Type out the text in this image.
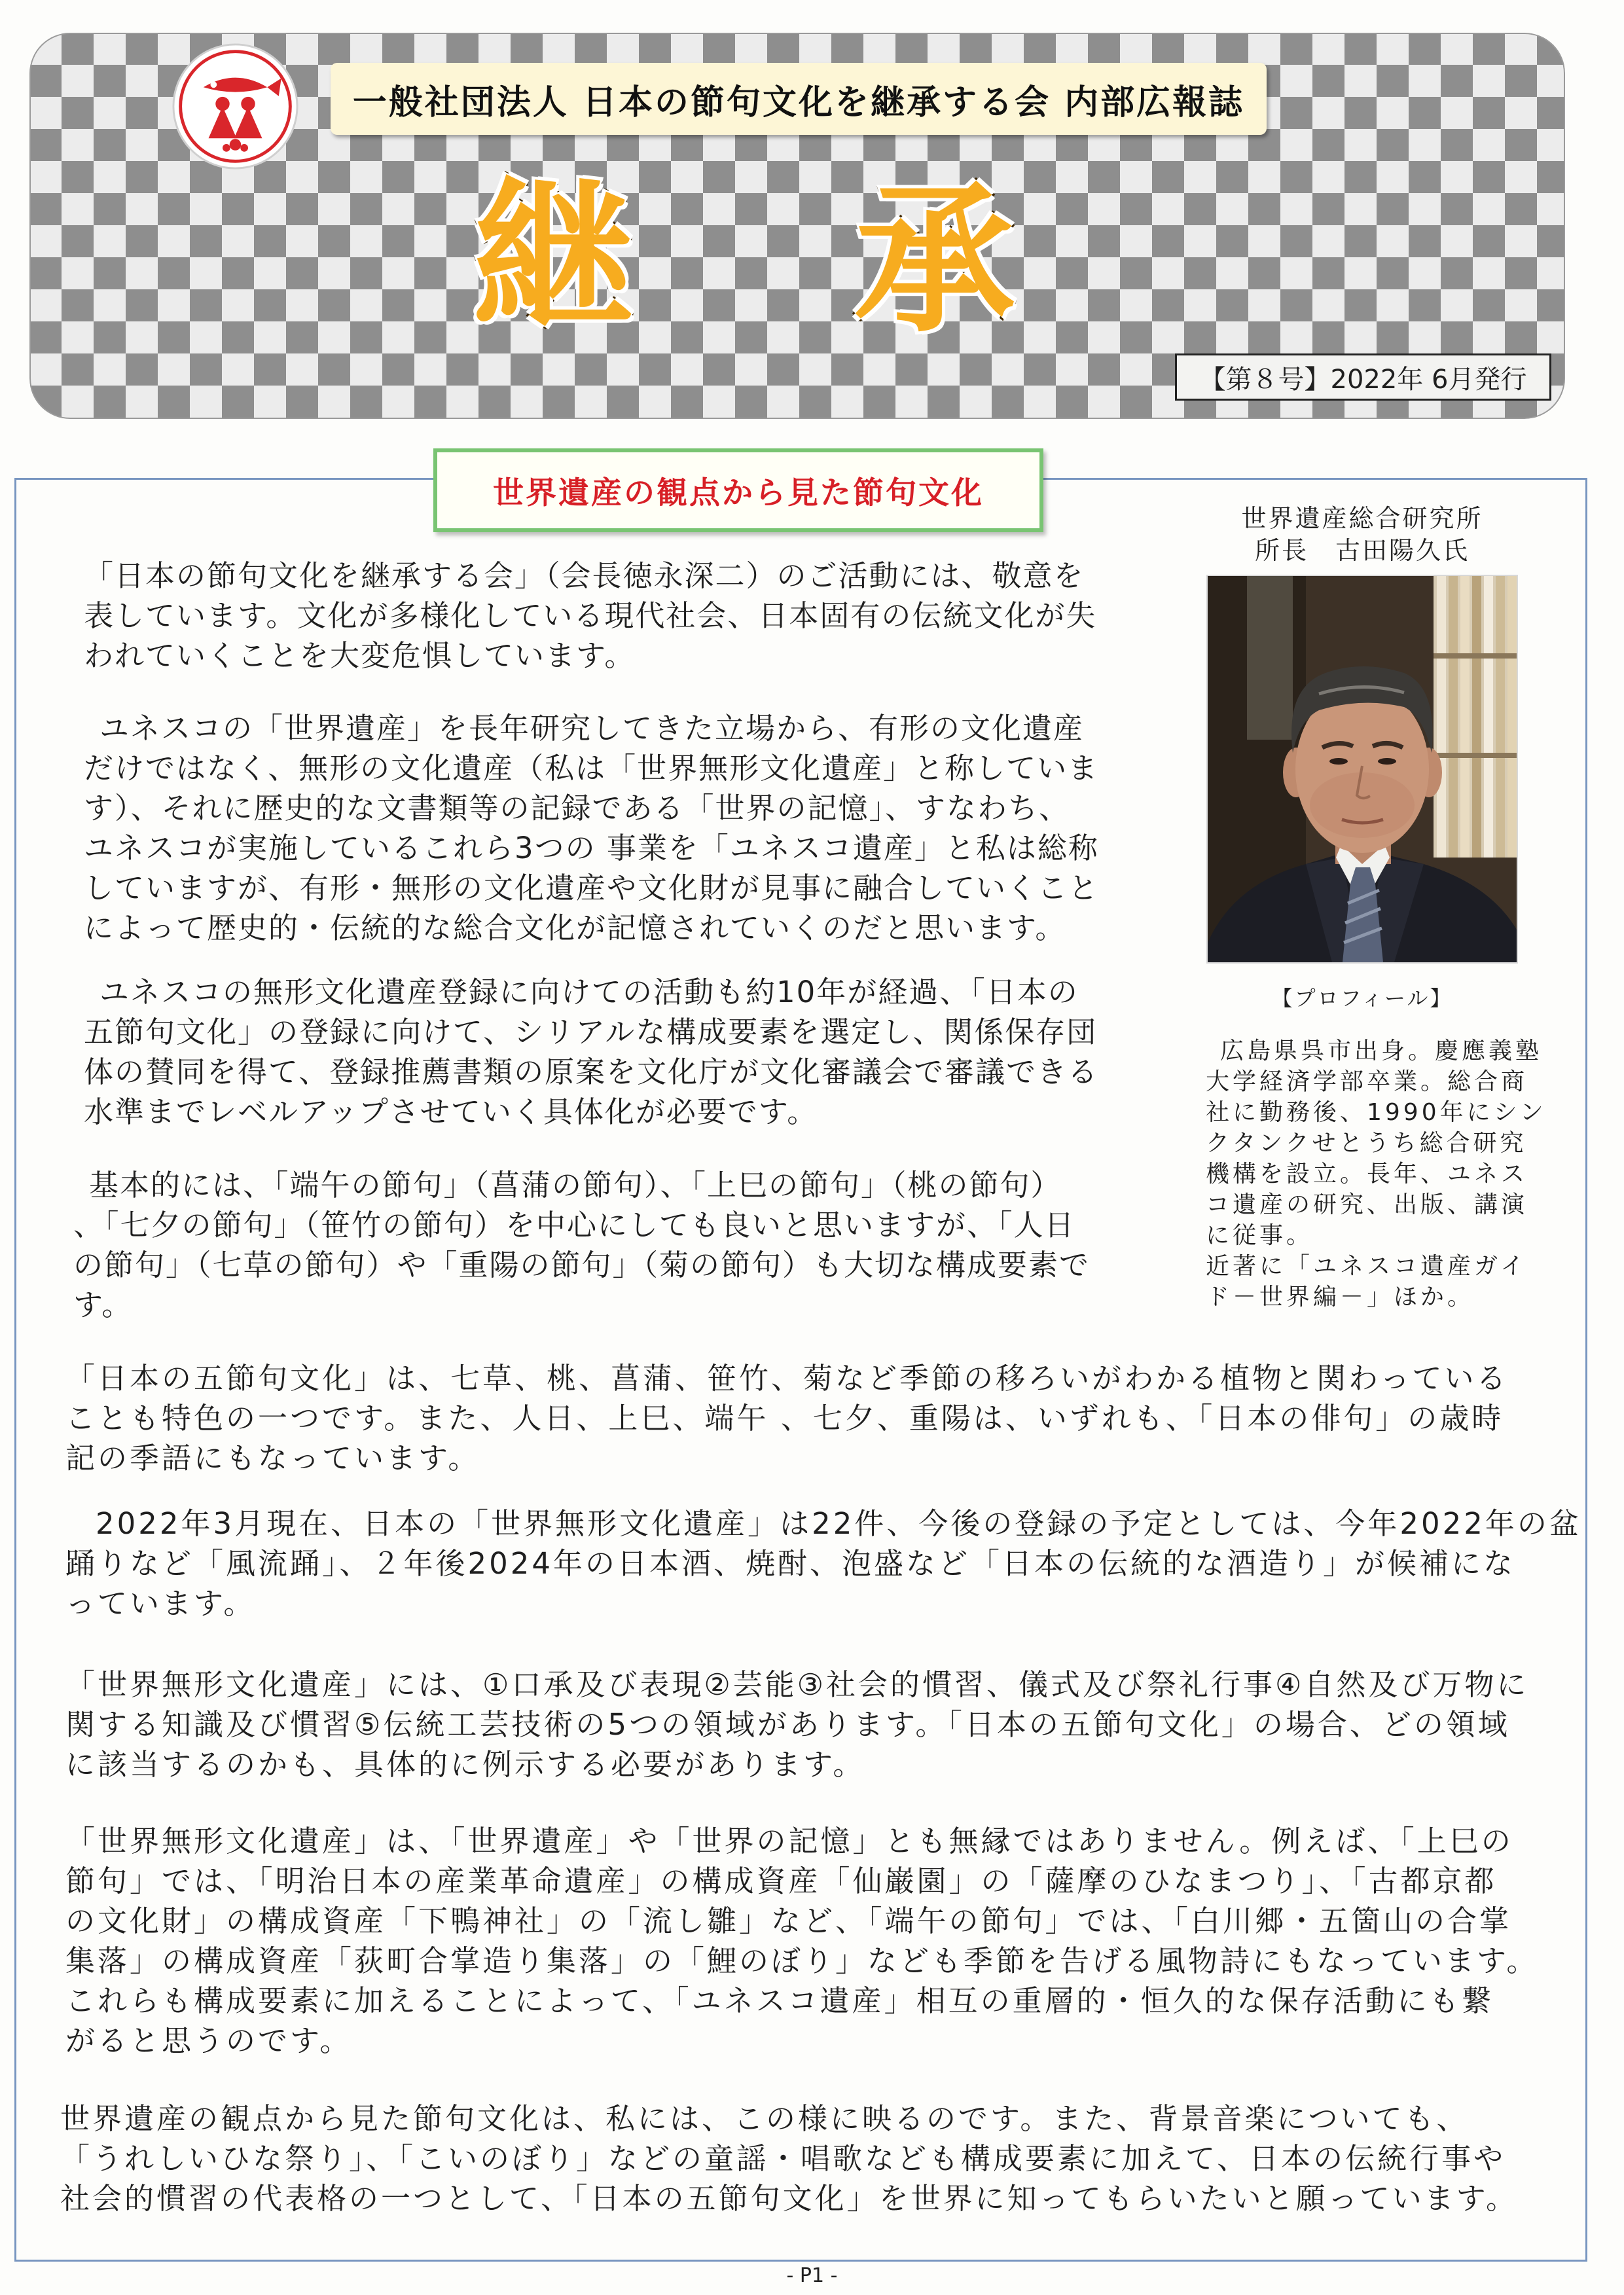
一般社団法人 日本の節句文化を継承する会 内部広報誌
継 承
【第８号】2022年 6月発行
世界遺産の観点から見た節句文化
「日本の節句文化を継承する会」（会長徳永深二）のご活動には、敬意を
表しています。文化が多様化している現代社会、日本固有の伝統文化が失
われていくことを大変危惧しています。
ユネスコの「世界遺産」を長年研究してきた立場から、有形の文化遺産
だけではなく、無形の文化遺産（私は「世界無形文化遺産」と称していま
す）、それに歴史的な文書類等の記録である「世界の記憶」、すなわち、
ユネスコが実施しているこれら3つの 事業を「ユネスコ遺産」と私は総称
していますが、有形・無形の文化遺産や文化財が見事に融合していくこと
によって歴史的・伝統的な総合文化が記憶されていくのだと思います。
ユネスコの無形文化遺産登録に向けての活動も約10年が経過、「日本の
五節句文化」の登録に向けて、シリアルな構成要素を選定し、関係保存団
体の賛同を得て、登録推薦書類の原案を文化庁が文化審議会で審議できる
水準までレベルアップさせていく具体化が必要です。
基本的には、「端午の節句」（菖蒲の節句）、「上巳の節句」（桃の節句）
、「七夕の節句」（笹竹の節句）を中心にしても良いと思いますが、「人日
の節句」（七草の節句）や「重陽の節句」（菊の節句）も大切な構成要素で
す。
世界遺産総合研究所
所長　古田陽久氏
【プロフィール】
広島県呉市出身。慶應義塾
大学経済学部卒業。総合商
社に勤務後、1990年にシン
クタンクせとうち総合研究
機構を設立。長年、ユネス
コ遺産の研究、出版、講演
に従事。
近著に「ユネスコ遺産ガイ
ド－世界編－」ほか。
「日本の五節句文化」は、七草、桃、菖蒲、笹竹、菊など季節の移ろいがわかる植物と関わっている
ことも特色の一つです。また、人日、上巳、端午 、七夕、重陽は、いずれも、「日本の俳句」の歳時
記の季語にもなっています。
2022年3月現在、日本の「世界無形文化遺産」は22件、今後の登録の予定としては、今年2022年の盆
踊りなど「風流踊」、２年後2024年の日本酒、焼酎、泡盛など「日本の伝統的な酒造り」が候補にな
っています。
「世界無形文化遺産」には、①口承及び表現②芸能③社会的慣習、儀式及び祭礼行事④自然及び万物に
関する知識及び慣習⑤伝統工芸技術の5つの領域があります。「日本の五節句文化」の場合、どの領域
に該当するのかも、具体的に例示する必要があります。
「世界無形文化遺産」は、「世界遺産」や「世界の記憶」とも無縁ではありません。例えば、「上巳の
節句」では、「明治日本の産業革命遺産」の構成資産「仙巌園」の「薩摩のひなまつり」、「古都京都
の文化財」の構成資産「下鴨神社」の「流し雛」など、「端午の節句」では、「白川郷・五箇山の合掌
集落」の構成資産「荻町合掌造り集落」の「鯉のぼり」なども季節を告げる風物詩にもなっています。
これらも構成要素に加えることによって、「ユネスコ遺産」相互の重層的・恒久的な保存活動にも繋
がると思うのです。
世界遺産の観点から見た節句文化は、私には、この様に映るのです。また、背景音楽についても、
「うれしいひな祭り」、「こいのぼり」などの童謡・唱歌なども構成要素に加えて、日本の伝統行事や
社会的慣習の代表格の一つとして、「日本の五節句文化」を世界に知ってもらいたいと願っています。
- P1 -
